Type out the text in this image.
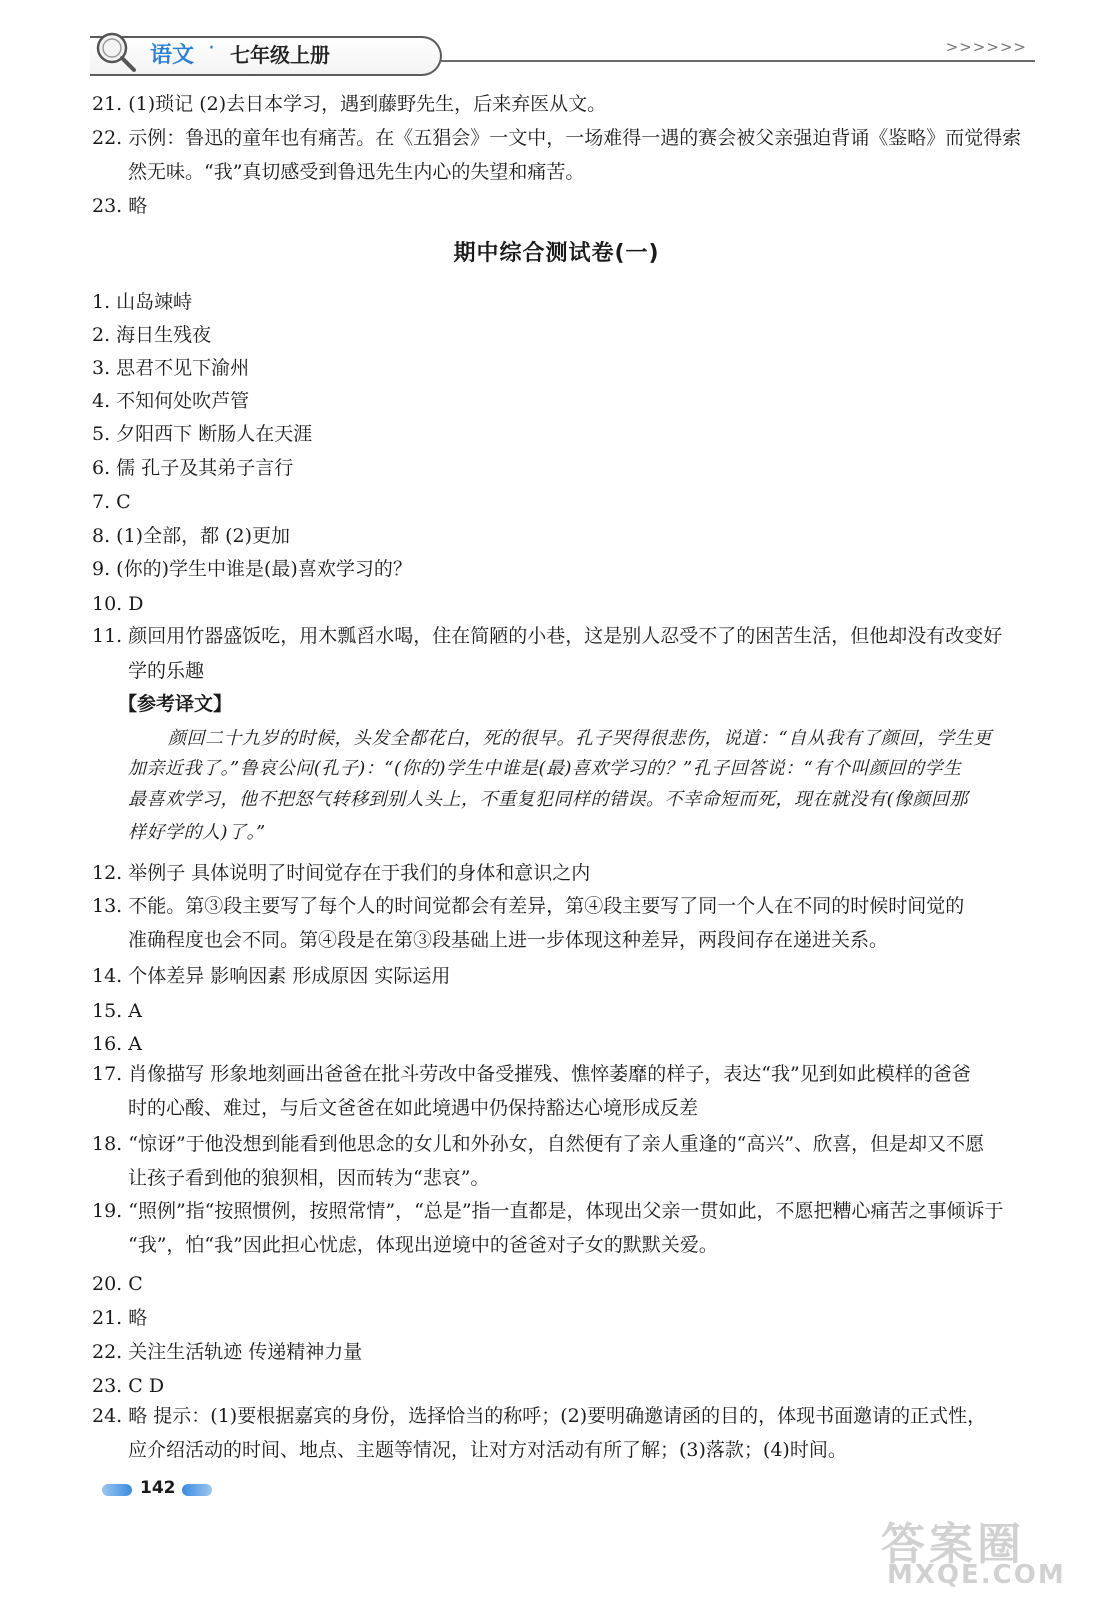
语文 · 七年级上册	>>>>>>
21. (1)琐记 (2)去日本学习，遇到藤野先生，后来弃医从文。
22. 示例：鲁迅的童年也有痛苦。在《五猖会》一文中，一场难得一遇的赛会被父亲强迫背诵《鉴略》而觉得索
然无味。“我”真切感受到鲁迅先生内心的失望和痛苦。
23. 略
期中综合测试卷(一)
1. 山岛竦峙
2. 海日生残夜
3. 思君不见下渝州
4. 不知何处吹芦管
5. 夕阳西下 断肠人在天涯
6. 儒 孔子及其弟子言行
7. C
8. (1)全部，都 (2)更加
9. (你的)学生中谁是(最)喜欢学习的？
10. D
11. 颜回用竹器盛饭吃，用木瓢舀水喝，住在简陋的小巷，这是别人忍受不了的困苦生活，但他却没有改变好
学的乐趣
【参考译文】
颜回二十九岁的时候，头发全都花白，死的很早。孔子哭得很悲伤，说道：“自从我有了颜回，学生更
加亲近我了。”鲁哀公问(孔子)：“(你的)学生中谁是(最)喜欢学习的？”孔子回答说：“有个叫颜回的学生
最喜欢学习，他不把怒气转移到别人头上，不重复犯同样的错误。不幸命短而死，现在就没有(像颜回那
样好学的人)了。”
12. 举例子 具体说明了时间觉存在于我们的身体和意识之内
13. 不能。第③段主要写了每个人的时间觉都会有差异，第④段主要写了同一个人在不同的时候时间觉的
准确程度也会不同。第④段是在第③段基础上进一步体现这种差异，两段间存在递进关系。
14. 个体差异 影响因素 形成原因 实际运用
15. A
16. A
17. 肖像描写 形象地刻画出爸爸在批斗劳改中备受摧残、憔悴萎靡的样子，表达“我”见到如此模样的爸爸
时的心酸、难过，与后文爸爸在如此境遇中仍保持豁达心境形成反差
18. “惊讶”于他没想到能看到他思念的女儿和外孙女，自然便有了亲人重逢的“高兴”、欣喜，但是却又不愿
让孩子看到他的狼狈相，因而转为“悲哀”。
19. “照例”指“按照惯例，按照常情”，“总是”指一直都是，体现出父亲一贯如此，不愿把糟心痛苦之事倾诉于
“我”，怕“我”因此担心忧虑，体现出逆境中的爸爸对子女的默默关爱。
20. C
21. 略
22. 关注生活轨迹 传递精神力量
23. C D
24. 略 提示：(1)要根据嘉宾的身份，选择恰当的称呼；(2)要明确邀请函的目的，体现书面邀请的正式性，
应介绍活动的时间、地点、主题等情况，让对方对活动有所了解；(3)落款；(4)时间。
142
答案圈
MXQE.COM
